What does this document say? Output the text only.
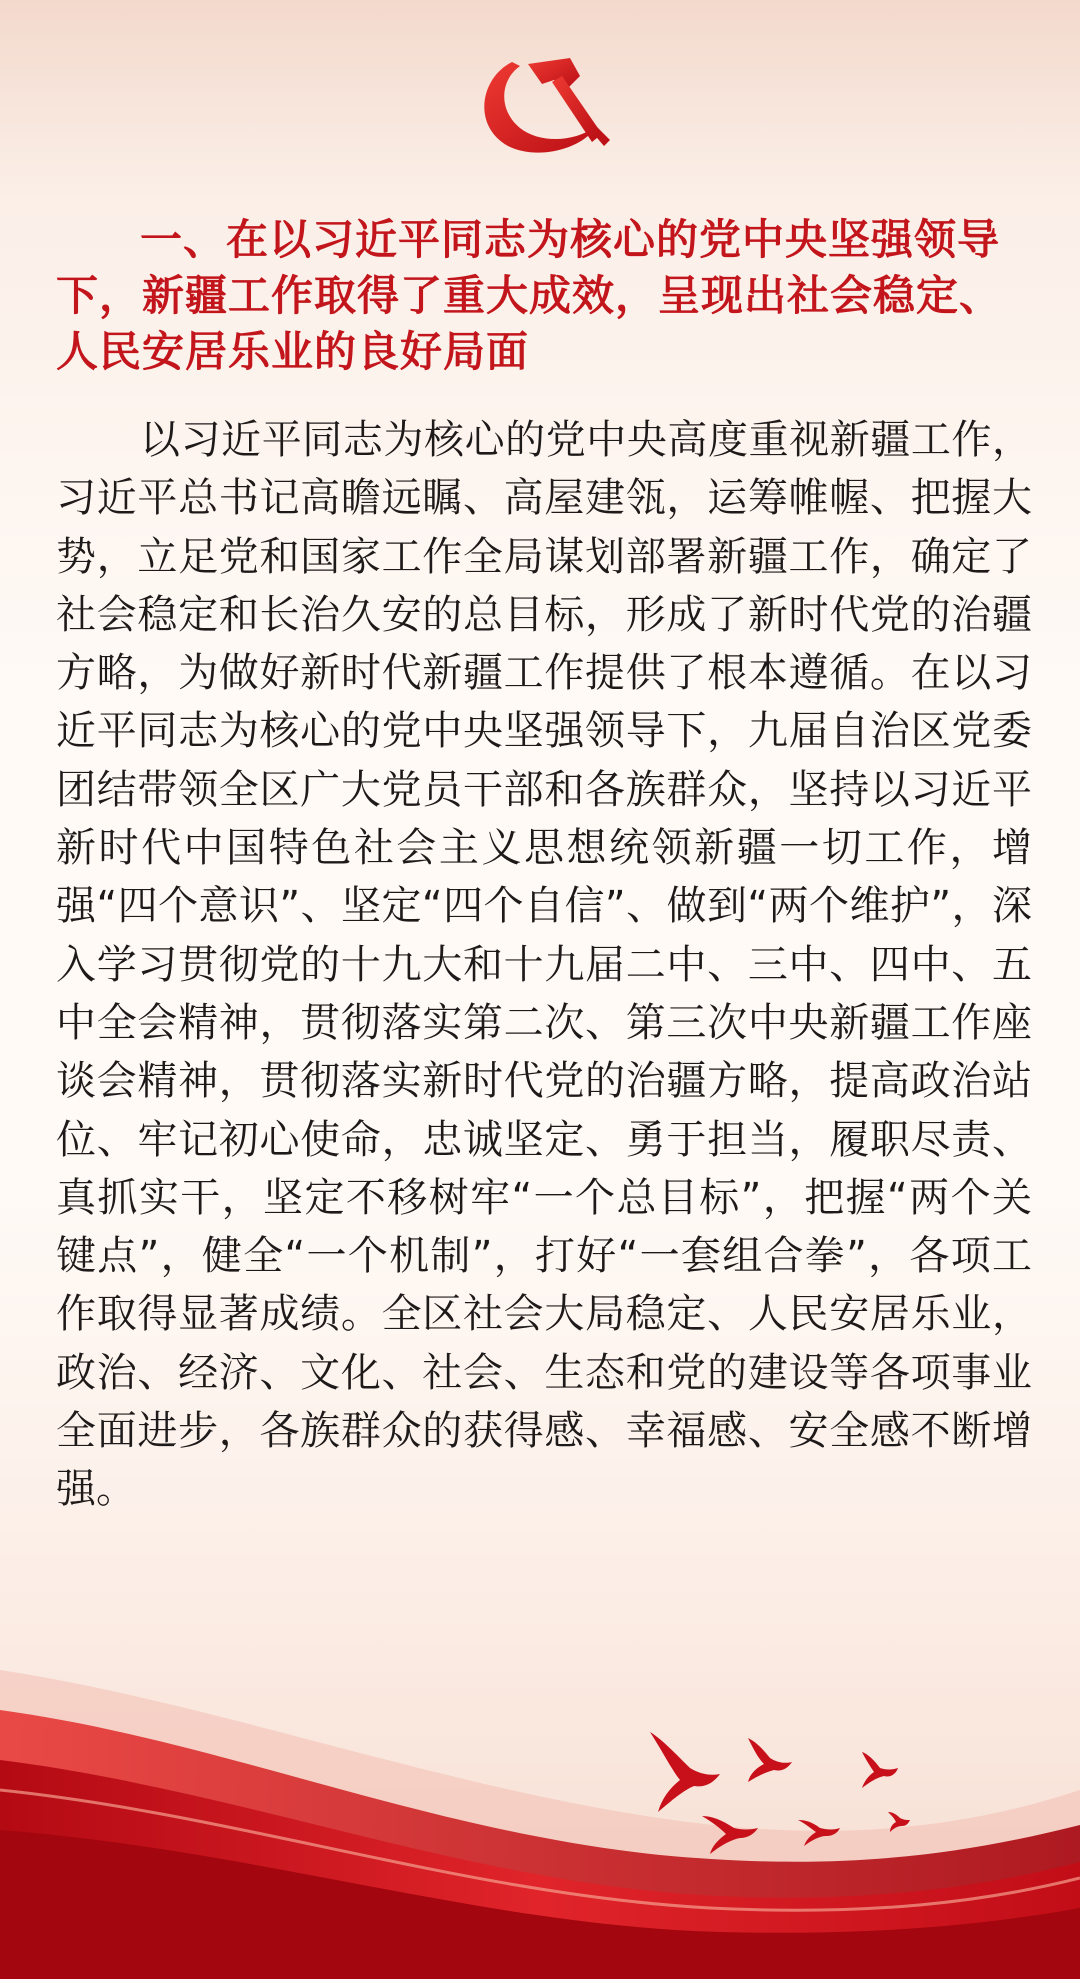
一、在以习近平同志为核心的党中央坚强领导下，新疆工作取得了重大成效，呈现出社会稳定、人民安居乐业的良好局面

以习近平同志为核心的党中央高度重视新疆工作，习近平总书记高瞻远瞩、高屋建瓴，运筹帷幄、把握大势，立足党和国家工作全局谋划部署新疆工作，确定了社会稳定和长治久安的总目标，形成了新时代党的治疆方略，为做好新时代新疆工作提供了根本遵循。在以习近平同志为核心的党中央坚强领导下，九届自治区党委团结带领全区广大党员干部和各族群众，坚持以习近平新时代中国特色社会主义思想统领新疆一切工作，增强“四个意识”、坚定“四个自信”、做到“两个维护”，深入学习贯彻党的十九大和十九届二中、三中、四中、五中全会精神，贯彻落实第二次、第三次中央新疆工作座谈会精神，贯彻落实新时代党的治疆方略，提高政治站位、牢记初心使命，忠诚坚定、勇于担当，履职尽责、真抓实干，坚定不移树牢“一个总目标”，把握“两个关键点”，健全“一个机制”，打好“一套组合拳”，各项工作取得显著成绩。全区社会大局稳定、人民安居乐业，政治、经济、文化、社会、生态和党的建设等各项事业全面进步，各族群众的获得感、幸福感、安全感不断增强。
